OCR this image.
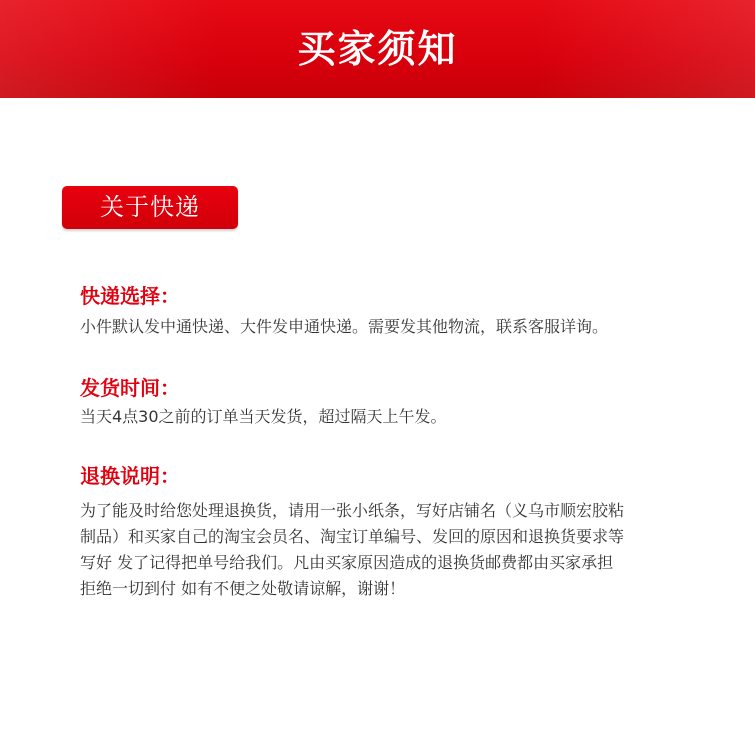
买家须知
关于快递

快递选择：

小件默认发中通快递、大件发申通快递。需要发其他物流，联系客服详询。

发货时间：

当天4点30之前的订单当天发货，超过隔天上午发。

退换说明：

为了能及时给您处理退换货，请用一张小纸条，写好店铺名（义乌市顺宏胶粘

制品）和买家自己的淘宝会员名、淘宝订单编号、发回的原因和退换货要求等

写好 发了记得把单号给我们。凡由买家原因造成的退换货邮费都由买家承担

拒绝一切到付 如有不便之处敬请谅解，谢谢！
